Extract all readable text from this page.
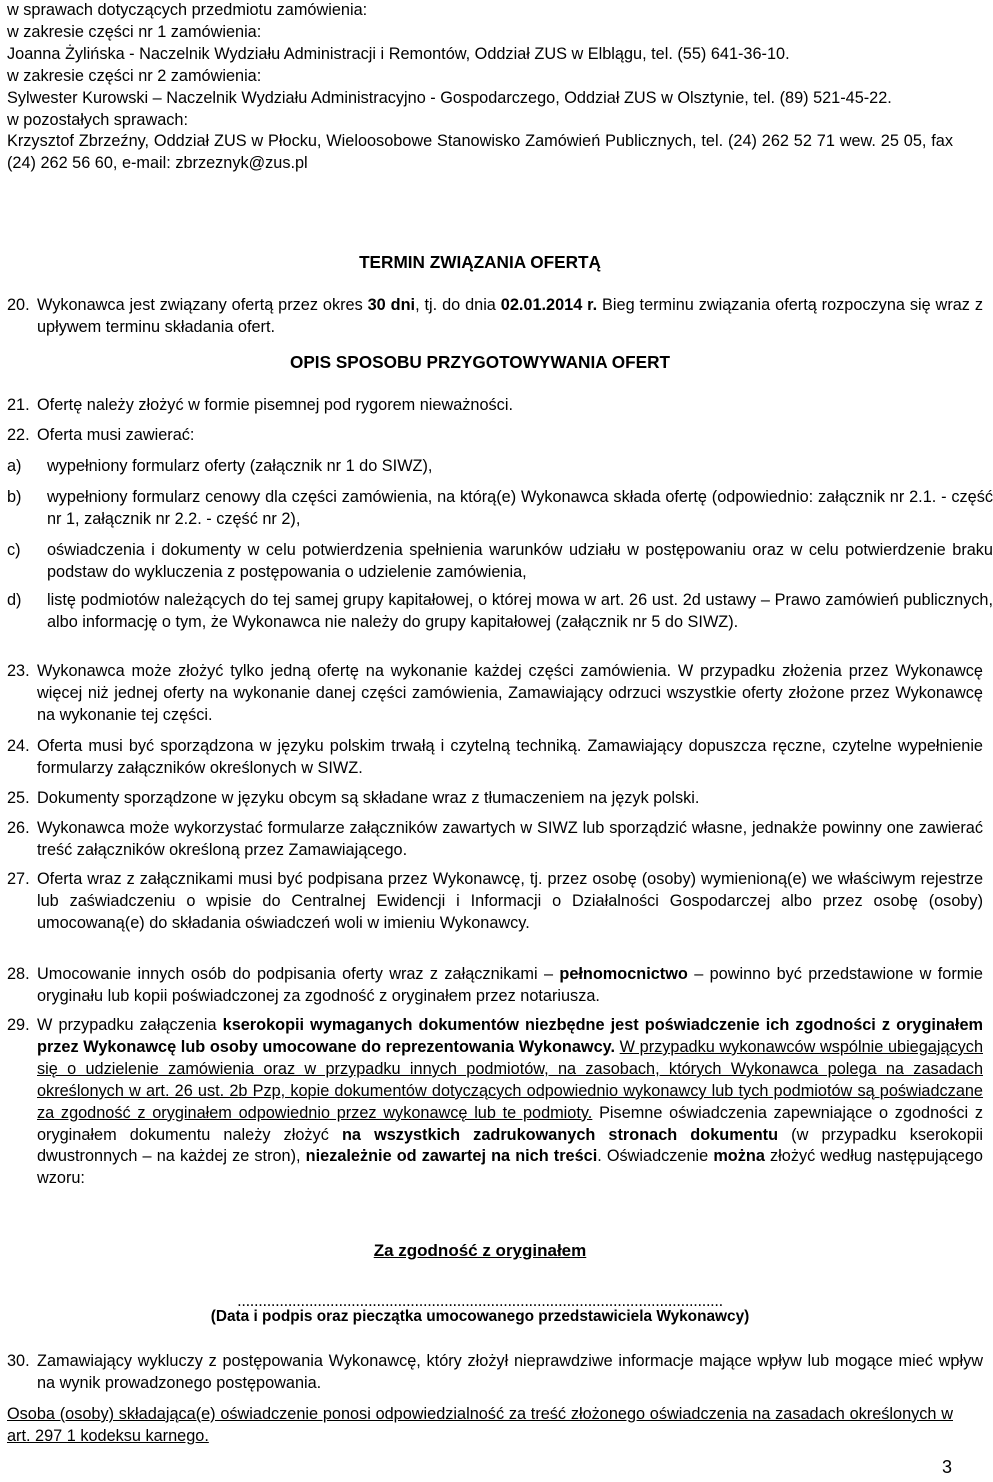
w sprawach dotyczących przedmiotu zamówienia:

w zakresie części nr 1 zamówienia:

Joanna Żylińska - Naczelnik Wydziału Administracji i Remontów, Oddział ZUS w Elblągu, tel. (55) 641-36-10.

w zakresie części nr 2 zamówienia:

Sylwester Kurowski – Naczelnik Wydziału Administracyjno - Gospodarczego, Oddział ZUS w Olsztynie, tel. (89) 521-45-22.

w pozostałych sprawach:

Krzysztof Zbrzeźny, Oddział ZUS w Płocku, Wieloosobowe Stanowisko Zamówień Publicznych, tel. (24) 262 52 71 wew. 25 05, fax (24) 262 56 60, e-mail: zbrzeznyk@zus.pl

TERMIN ZWIĄZANIA OFERTĄ
20. Wykonawca jest związany ofertą przez okres 30 dni, tj. do dnia 02.01.2014 r. Bieg terminu związania ofertą rozpoczyna się wraz z upływem terminu składania ofert.
OPIS SPOSOBU PRZYGOTOWYWANIA OFERT
21. Ofertę należy złożyć w formie pisemnej pod rygorem nieważności.
22. Oferta musi zawierać:
a) wypełniony formularz oferty (załącznik nr 1 do SIWZ),
b) wypełniony formularz cenowy dla części zamówienia, na którą(e) Wykonawca składa ofertę (odpowiednio: załącznik nr 2.1. - część nr 1, załącznik nr 2.2. - część nr 2),
c) oświadczenia i dokumenty w celu potwierdzenia spełnienia warunków udziału w postępowaniu oraz w celu potwierdzenie braku podstaw do wykluczenia z postępowania o udzielenie zamówienia,
d) listę podmiotów należących do tej samej grupy kapitałowej, o której mowa w art. 26 ust. 2d ustawy – Prawo zamówień publicznych, albo informację o tym, że Wykonawca nie należy do grupy kapitałowej (załącznik nr 5 do SIWZ).
23. Wykonawca może złożyć tylko jedną ofertę na wykonanie każdej części zamówienia. W przypadku złożenia przez Wykonawcę więcej niż jednej oferty na wykonanie danej części zamówienia, Zamawiający odrzuci wszystkie oferty złożone przez Wykonawcę na wykonanie tej części.
24. Oferta musi być sporządzona w języku polskim trwałą i czytelną techniką. Zamawiający dopuszcza ręczne, czytelne wypełnienie formularzy załączników określonych w SIWZ.
25. Dokumenty sporządzone w języku obcym są składane wraz z tłumaczeniem na język polski.
26. Wykonawca może wykorzystać formularze załączników zawartych w SIWZ lub sporządzić własne, jednakże powinny one zawierać treść załączników określoną przez Zamawiającego.
27. Oferta wraz z załącznikami musi być podpisana przez Wykonawcę, tj. przez osobę (osoby) wymienioną(e) we właściwym rejestrze lub zaświadczeniu o wpisie do Centralnej Ewidencji i Informacji o Działalności Gospodarczej albo przez osobę (osoby) umocowaną(e) do składania oświadczeń woli w imieniu Wykonawcy.
28. Umocowanie innych osób do podpisania oferty wraz z załącznikami – pełnomocnictwo – powinno być przedstawione w formie oryginału lub kopii poświadczonej za zgodność z oryginałem przez notariusza.
29. W przypadku załączenia kserokopii wymaganych dokumentów niezbędne jest poświadczenie ich zgodności z oryginałem przez Wykonawcę lub osoby umocowane do reprezentowania Wykonawcy. W przypadku wykonawców wspólnie ubiegających się o udzielenie zamówienia oraz w przypadku innych podmiotów, na zasobach, których Wykonawca polega na zasadach określonych w art. 26 ust. 2b Pzp, kopie dokumentów dotyczących odpowiednio wykonawcy lub tych podmiotów są poświadczane za zgodność z oryginałem odpowiednio przez wykonawcę lub te podmioty. Pisemne oświadczenia zapewniające o zgodności z oryginałem dokumentu należy złożyć na wszystkich zadrukowanych stronach dokumentu (w przypadku kserokopii dwustronnych – na każdej ze stron), niezależnie od zawartej na nich treści. Oświadczenie można złożyć według następującego wzoru:
Za zgodność z oryginałem
...................................................................................................................
(Data i podpis oraz pieczątka umocowanego przedstawiciela Wykonawcy)
30. Zamawiający wykluczy z postępowania Wykonawcę, który złożył nieprawdziwe informacje mające wpływ lub mogące mieć wpływ na wynik prowadzonego postępowania.

Osoba (osoby) składająca(e) oświadczenie ponosi odpowiedzialność za treść złożonego oświadczenia na zasadach określonych w art. 297 1 kodeksu karnego.

3
